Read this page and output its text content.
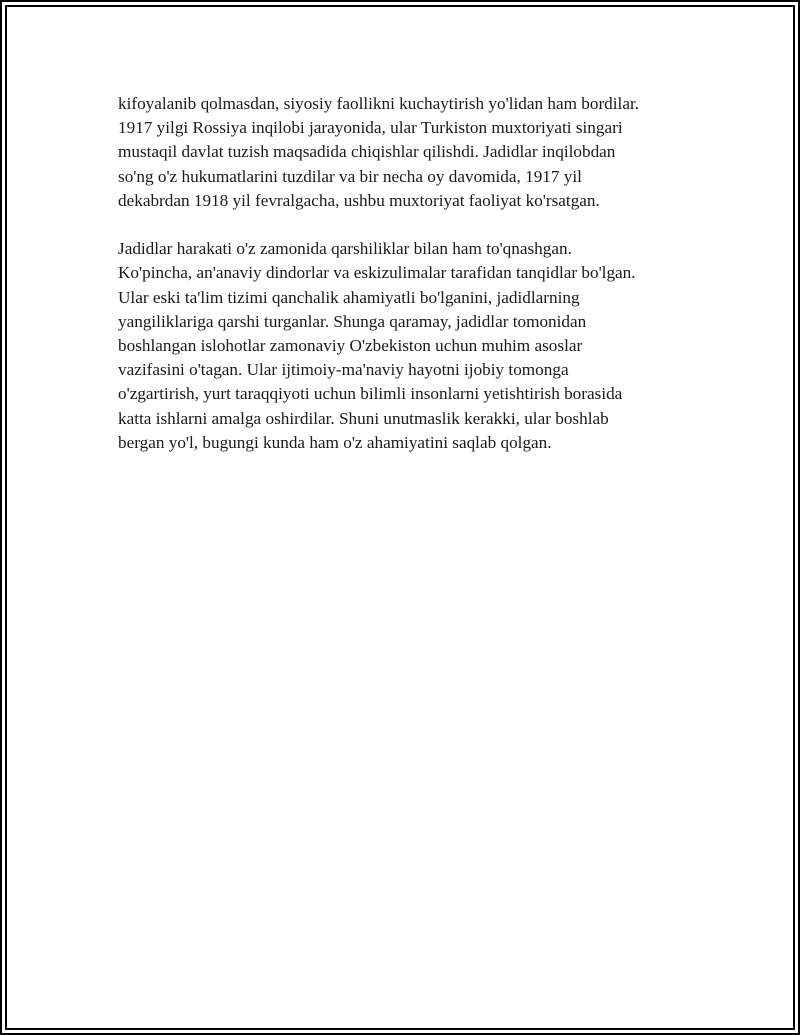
kifoyalanib qolmasdan, siyosiy faollikni kuchaytirish yo'lidan ham bordilar.
1917 yilgi Rossiya inqilobi jarayonida, ular Turkiston muxtoriyati singari
mustaqil davlat tuzish maqsadida chiqishlar qilishdi. Jadidlar inqilobdan
so'ng o'z hukumatlarini tuzdilar va bir necha oy davomida, 1917 yil
dekabrdan 1918 yil fevralgacha, ushbu muxtoriyat faoliyat ko'rsatgan.
Jadidlar harakati o'z zamonida qarshiliklar bilan ham to'qnashgan.
Ko'pincha, an'anaviy dindorlar va eskizulimalar tarafidan tanqidlar bo'lgan.
Ular eski ta'lim tizimi qanchalik ahamiyatli bo'lganini, jadidlarning
yangiliklariga qarshi turganlar. Shunga qaramay, jadidlar tomonidan
boshlangan islohotlar zamonaviy O'zbekiston uchun muhim asoslar
vazifasini o'tagan. Ular ijtimoiy-ma'naviy hayotni ijobiy tomonga
o'zgartirish, yurt taraqqiyoti uchun bilimli insonlarni yetishtirish borasida
katta ishlarni amalga oshirdilar. Shuni unutmaslik kerakki, ular boshlab
bergan yo'l, bugungi kunda ham o'z ahamiyatini saqlab qolgan.
